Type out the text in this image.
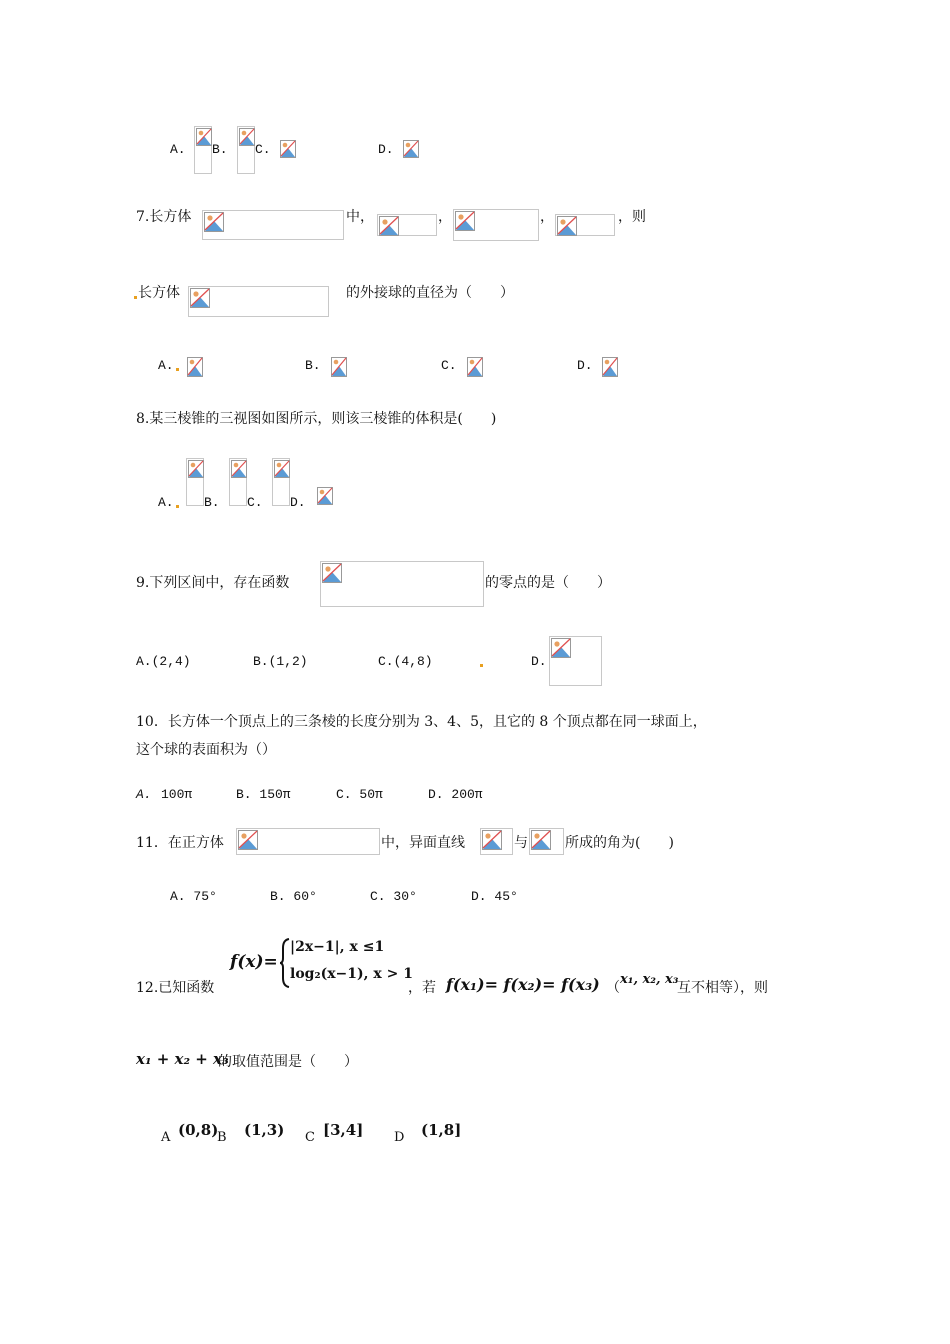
A. B. C.	D.
7.长方体	中，	，	，	，则
长方体	的外接球的直径为（　　）
A.	B.	C.	D.
8.某三棱锥的三视图如图所示，则该三棱锥的体积是(　　)
A. B. C. D.
9.下列区间中，存在函数	的零点的是（　　）
A.(2,4)	B.(1,2)	C.(4,8)	D.
10．长方体一个顶点上的三条棱的长度分别为 3、4、5，且它的 8 个顶点都在同一球面上，
这个球的表面积为（）
A. 100π	B. 150π	C. 50π	D. 200π
11．在正方体	中，异面直线	与	所成的角为(　　)
A. 75°	B. 60°	C. 30°	D. 45°
12.已知函数
f(x)=
|2x−1|, x ≤1
log₂(x−1), x > 1
，若 f(x₁)= f(x₂)= f(x₃) （
x₁, x₂, x₃
互不相等），则
x₁ + x₂ + x₃
的取值范围是（　　）
A (0,8)
B (1,3) C [3,4] D (1,8]
